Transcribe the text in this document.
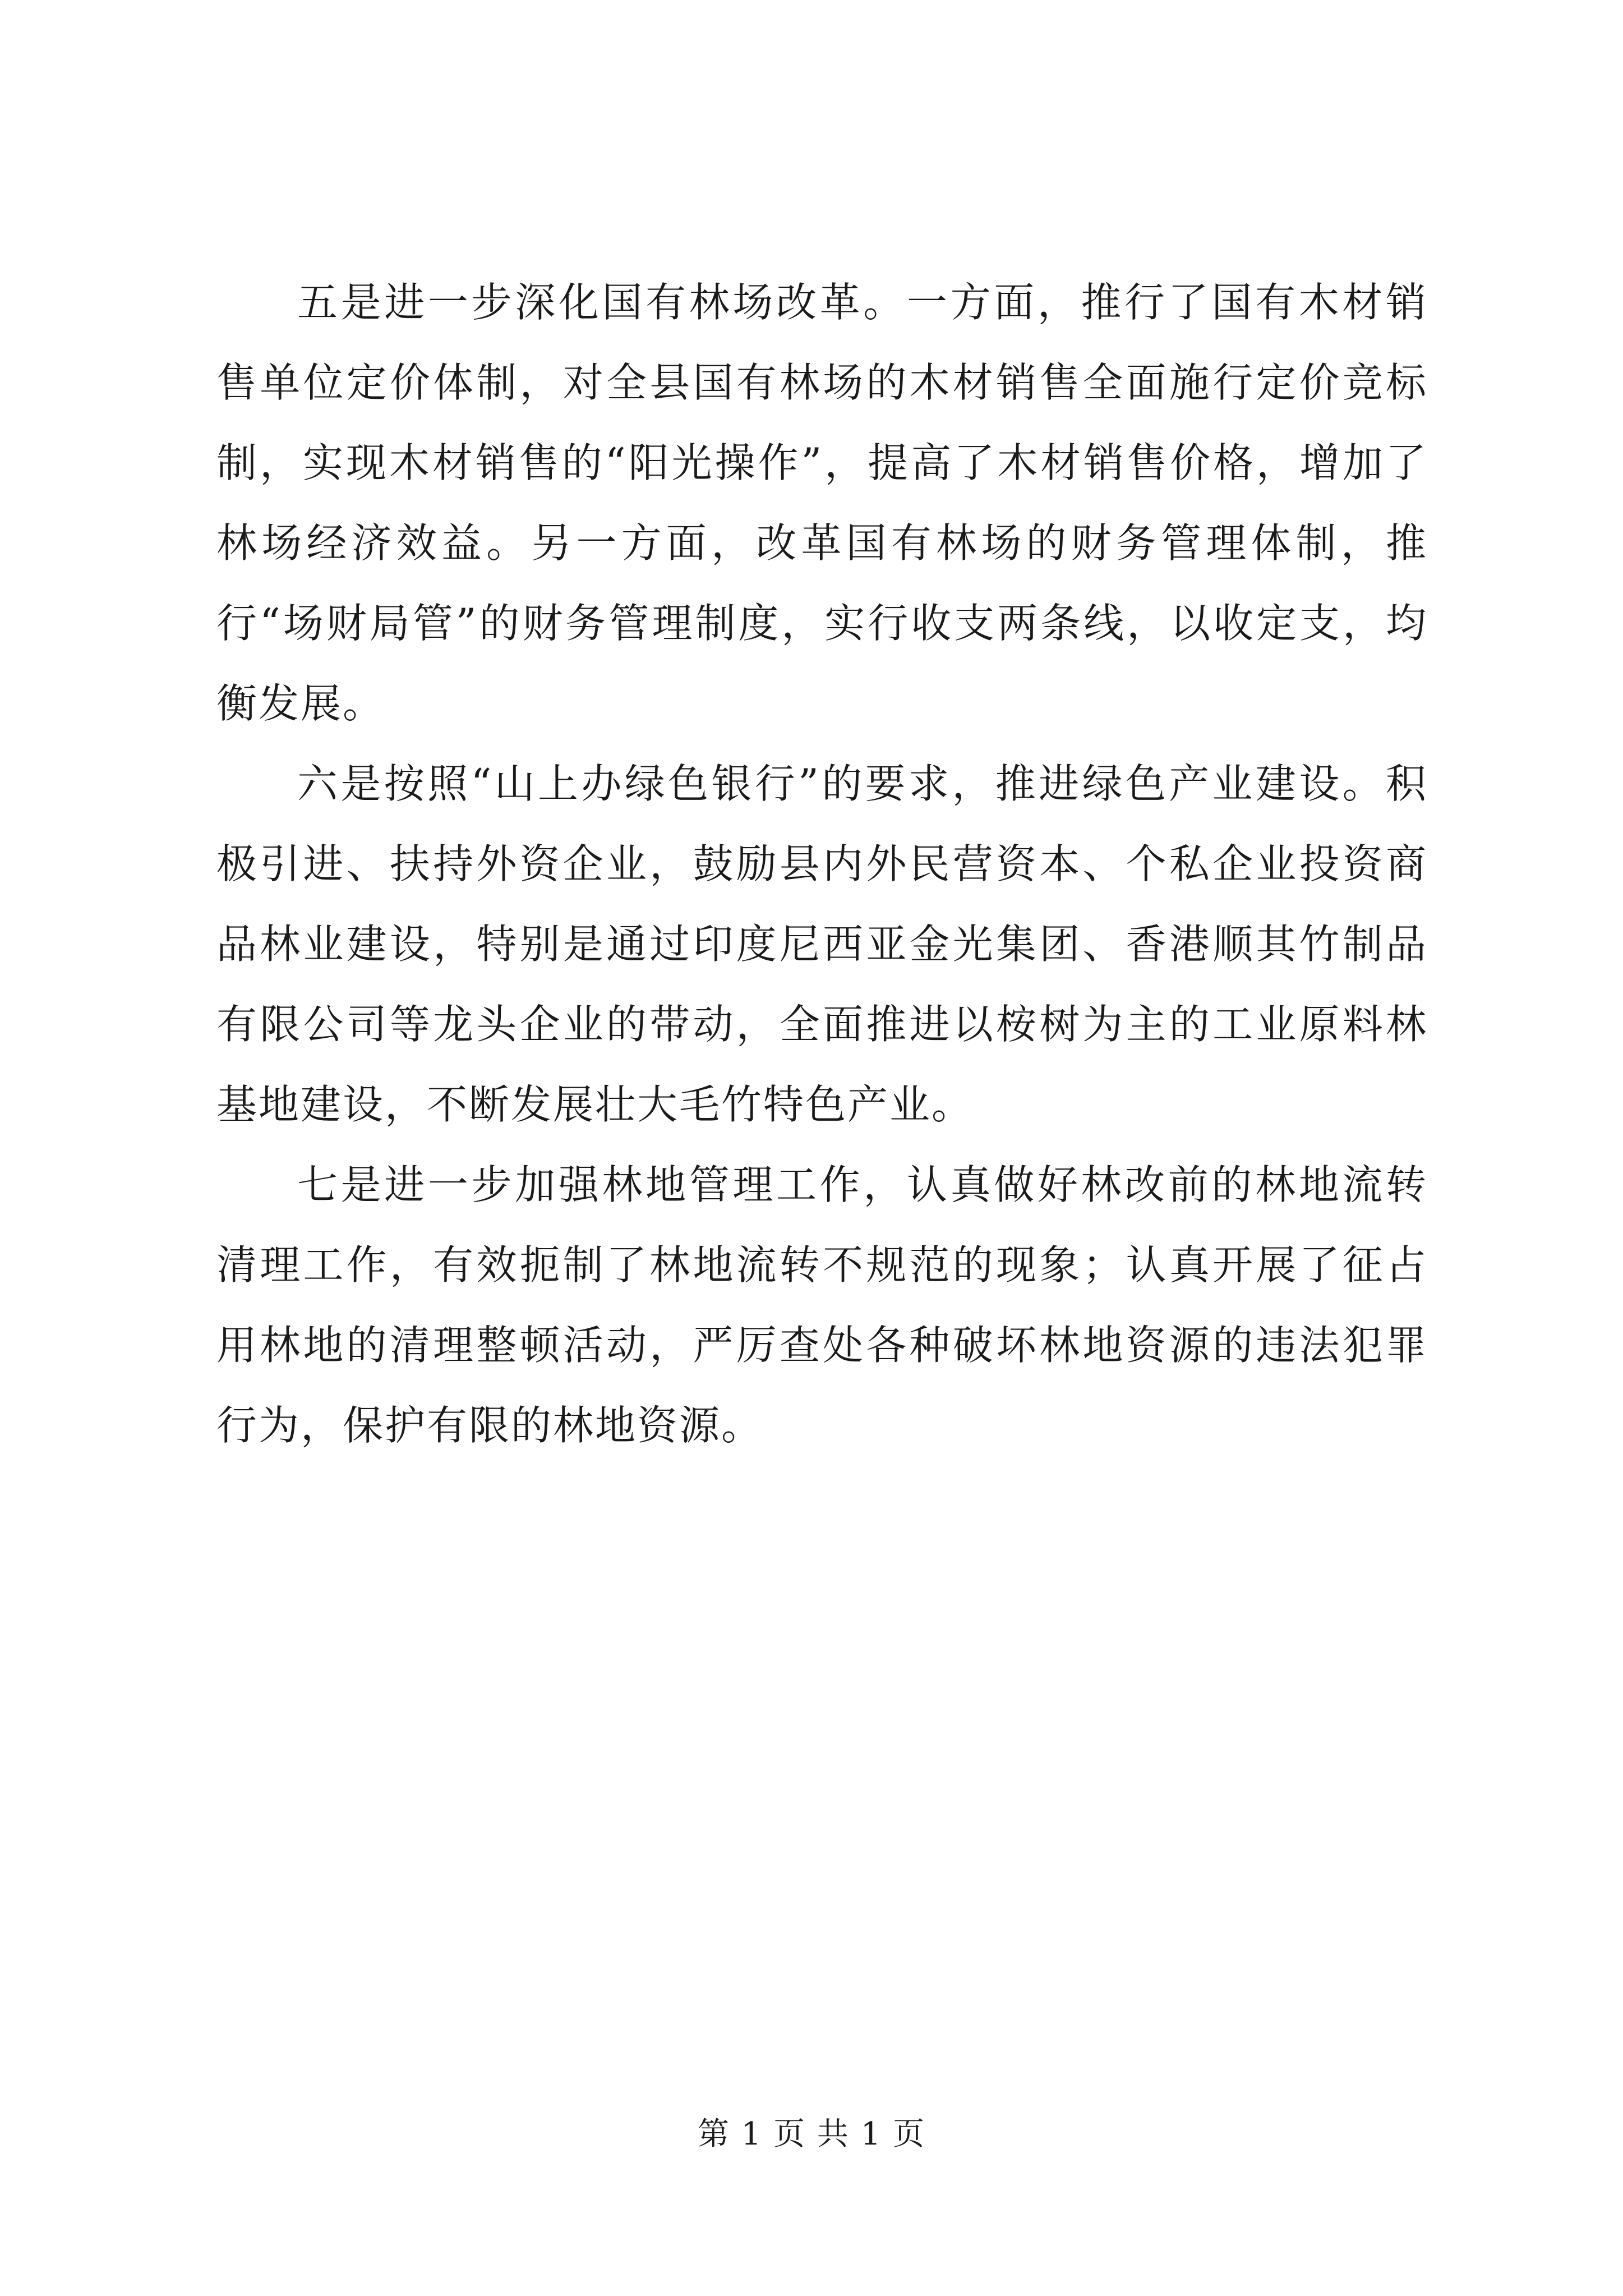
五是进一步深化国有林场改革。一方面，推行了国有木材销售单位定价体制，对全县国有林场的木材销售全面施行定价竞标制，实现木材销售的“阳光操作”，提高了木材销售价格，增加了林场经济效益。另一方面，改革国有林场的财务管理体制，推行“场财局管”的财务管理制度，实行收支两条线，以收定支，均衡发展。

六是按照“山上办绿色银行”的要求，推进绿色产业建设。积极引进、扶持外资企业，鼓励县内外民营资本、个私企业投资商品林业建设，特别是通过印度尼西亚金光集团、香港顺其竹制品有限公司等龙头企业的带动，全面推进以桉树为主的工业原料林基地建设，不断发展壮大毛竹特色产业。

七是进一步加强林地管理工作，认真做好林改前的林地流转清理工作，有效扼制了林地流转不规范的现象；认真开展了征占用林地的清理整顿活动，严厉查处各种破坏林地资源的违法犯罪行为，保护有限的林地资源。

第 1 页 共 1 页
